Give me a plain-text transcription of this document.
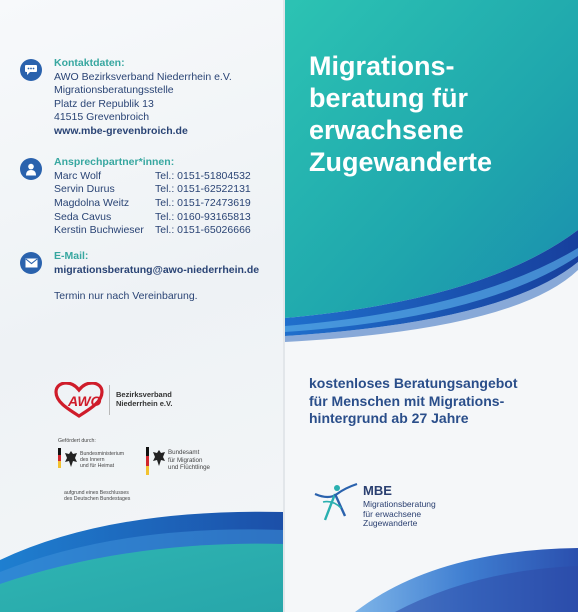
Kontaktdaten:
AWO Bezirksverband Niederrhein e.V.
Migrationsberatungsstelle
Platz der Republik 13
41515 Grevenbroich
www.mbe-grevenbroich.de
Ansprechpartner*innen:
Marc Wolf	Tel.: 0151-51804532
Servin Durus	Tel.: 0151-62522131
Magdolna Weitz	Tel.: 0151-72473619
Seda Cavus	Tel.: 0160-93165813
Kerstin Buchwieser	Tel.: 0151-65026666
E-Mail:
migrationsberatung@awo-niederrhein.de
Termin nur nach Vereinbarung.
AWO Bezirksverband
Niederrhein e.V.
Gefördert durch:
Bundesministerium
des Innern
und für Heimat
Bundesamt
für Migration
und Flüchtlinge
aufgrund eines Beschlusses
des Deutschen Bundestages
Migrations-
beratung für
erwachsene
Zugewanderte
kostenloses Beratungsangebot
für Menschen mit Migrations-
hintergrund ab 27 Jahre
MBE
Migrationsberatung
für erwachsene
Zugewanderte
